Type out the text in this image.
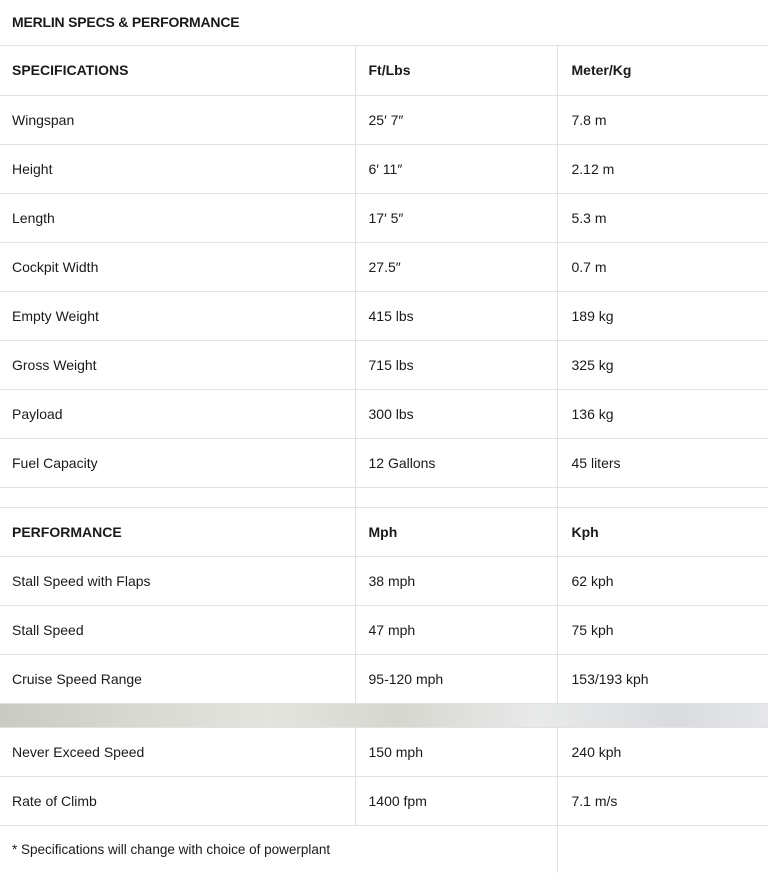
MERLIN SPECS & PERFORMANCE
SPECIFICATIONS	Ft/Lbs	Meter/Kg
Wingspan	25′ 7″	7.8 m
Height	6′ 11″	2.12 m
Length	17′ 5″	5.3 m
Cockpit Width	27.5″	0.7 m
Empty Weight	415 lbs	189 kg
Gross Weight	715 lbs	325 kg
Payload	300 lbs	136 kg
Fuel Capacity	12 Gallons	45 liters

PERFORMANCE	Mph	Kph
Stall Speed with Flaps	38 mph	62 kph
Stall Speed	47 mph	75 kph
Cruise Speed Range	95-120 mph	153/193 kph

Never Exceed Speed	150 mph	240 kph
Rate of Climb	1400 fpm	7.1 m/s
* Specifications will change with choice of powerplant		
